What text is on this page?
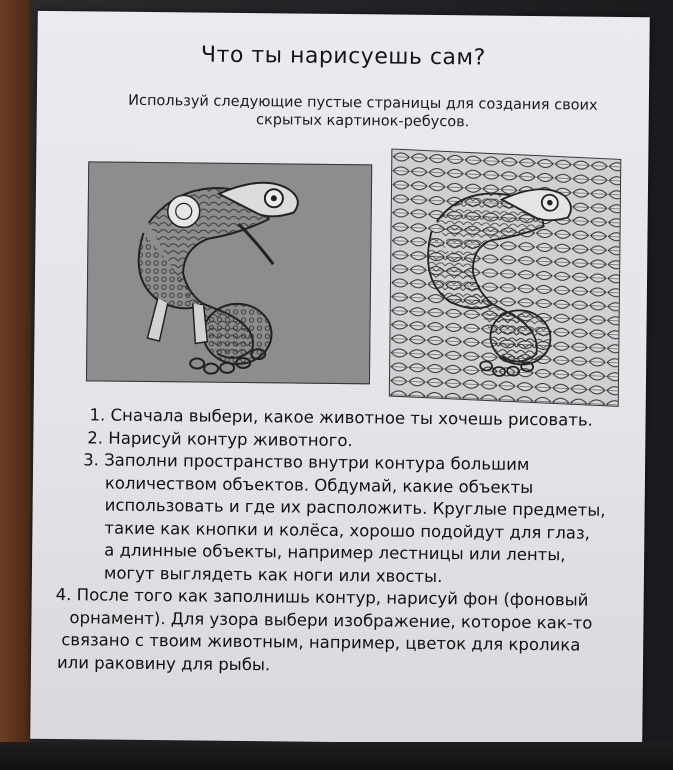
Что ты нарисуешь сам?
Используй следующие пустые страницы для создания своих
скрытых картинок-ребусов.
1. Сначала выбери, какое животное ты хочешь рисовать.
2. Нарисуй контур животного.
3. Заполни пространство внутри контура большим
количеством объектов. Обдумай, какие объекты
использовать и где их расположить. Круглые предметы,
такие как кнопки и колёса, хорошо подойдут для глаз,
а длинные объекты, например лестницы или ленты,
могут выглядеть как ноги или хвосты.
4. После того как заполнишь контур, нарисуй фон (фоновый
орнамент). Для узора выбери изображение, которое как-то
связано с твоим животным, например, цветок для кролика
или раковину для рыбы.
